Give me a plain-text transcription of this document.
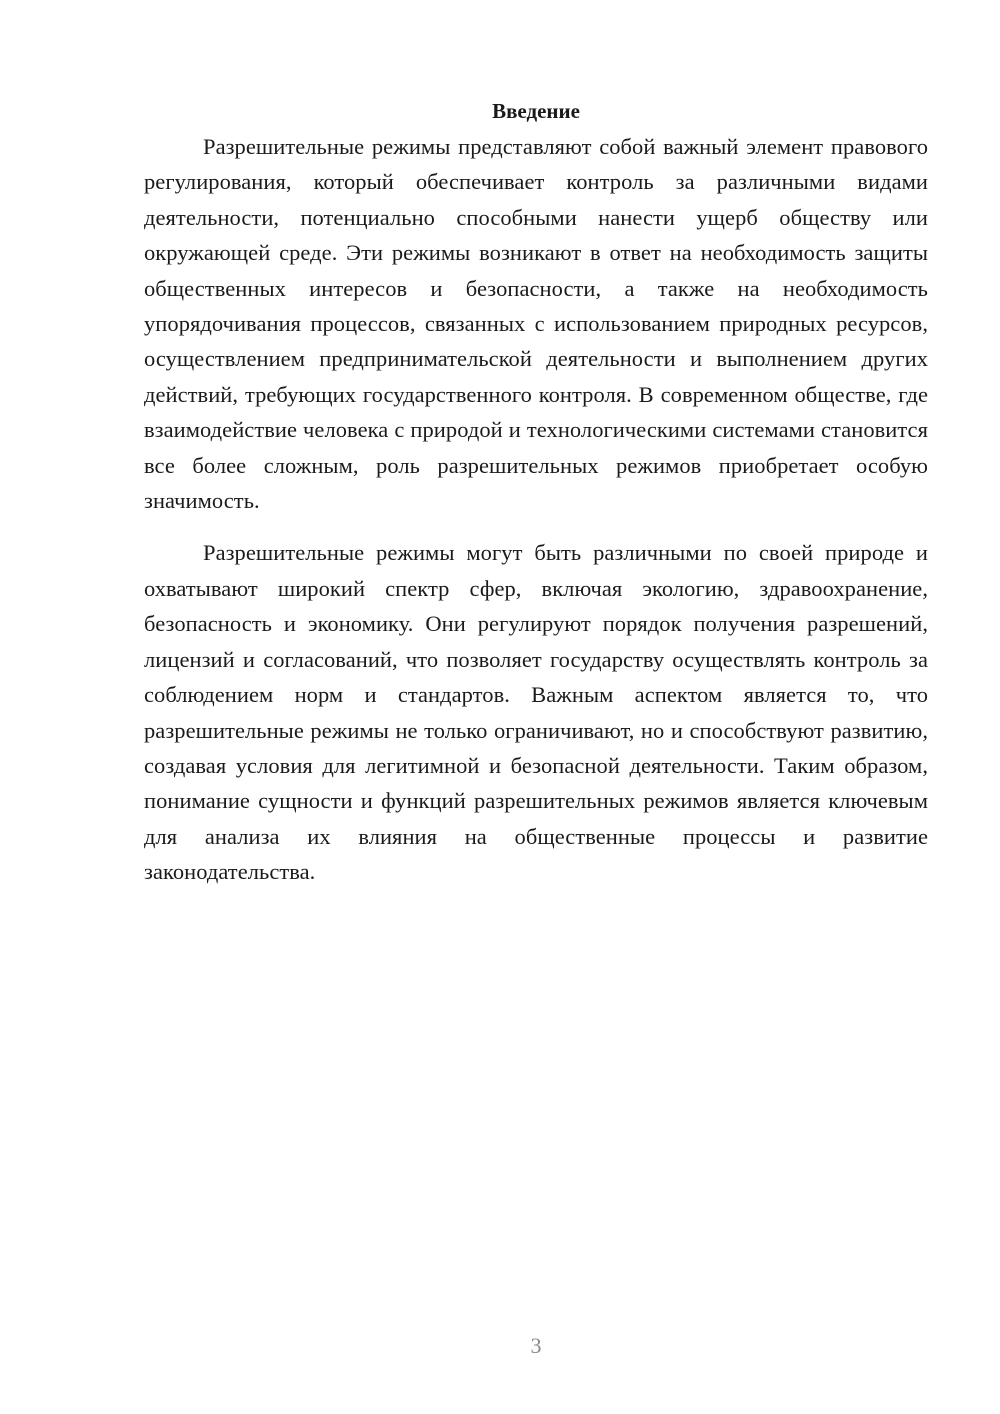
Введение

Разрешительные режимы представляют собой важный элемент правового регулирования, который обеспечивает контроль за различными видами деятельности, потенциально способными нанести ущерб обществу или окружающей среде. Эти режимы возникают в ответ на необходимость защиты общественных интересов и безопасности, а также на необходимость упорядочивания процессов, связанных с использованием природных ресурсов, осуществлением предпринимательской деятельности и выполнением других действий, требующих государственного контроля. В современном обществе, где взаимодействие человека с природой и технологическими системами становится все более сложным, роль разрешительных режимов приобретает особую значимость.

Разрешительные режимы могут быть различными по своей природе и охватывают широкий спектр сфер, включая экологию, здравоохранение, безопасность и экономику. Они регулируют порядок получения разрешений, лицензий и согласований, что позволяет государству осуществлять контроль за соблюдением норм и стандартов. Важным аспектом является то, что разрешительные режимы не только ограничивают, но и способствуют развитию, создавая условия для легитимной и безопасной деятельности. Таким образом, понимание сущности и функций разрешительных режимов является ключевым для анализа их влияния на общественные процессы и развитие законодательства.

3
